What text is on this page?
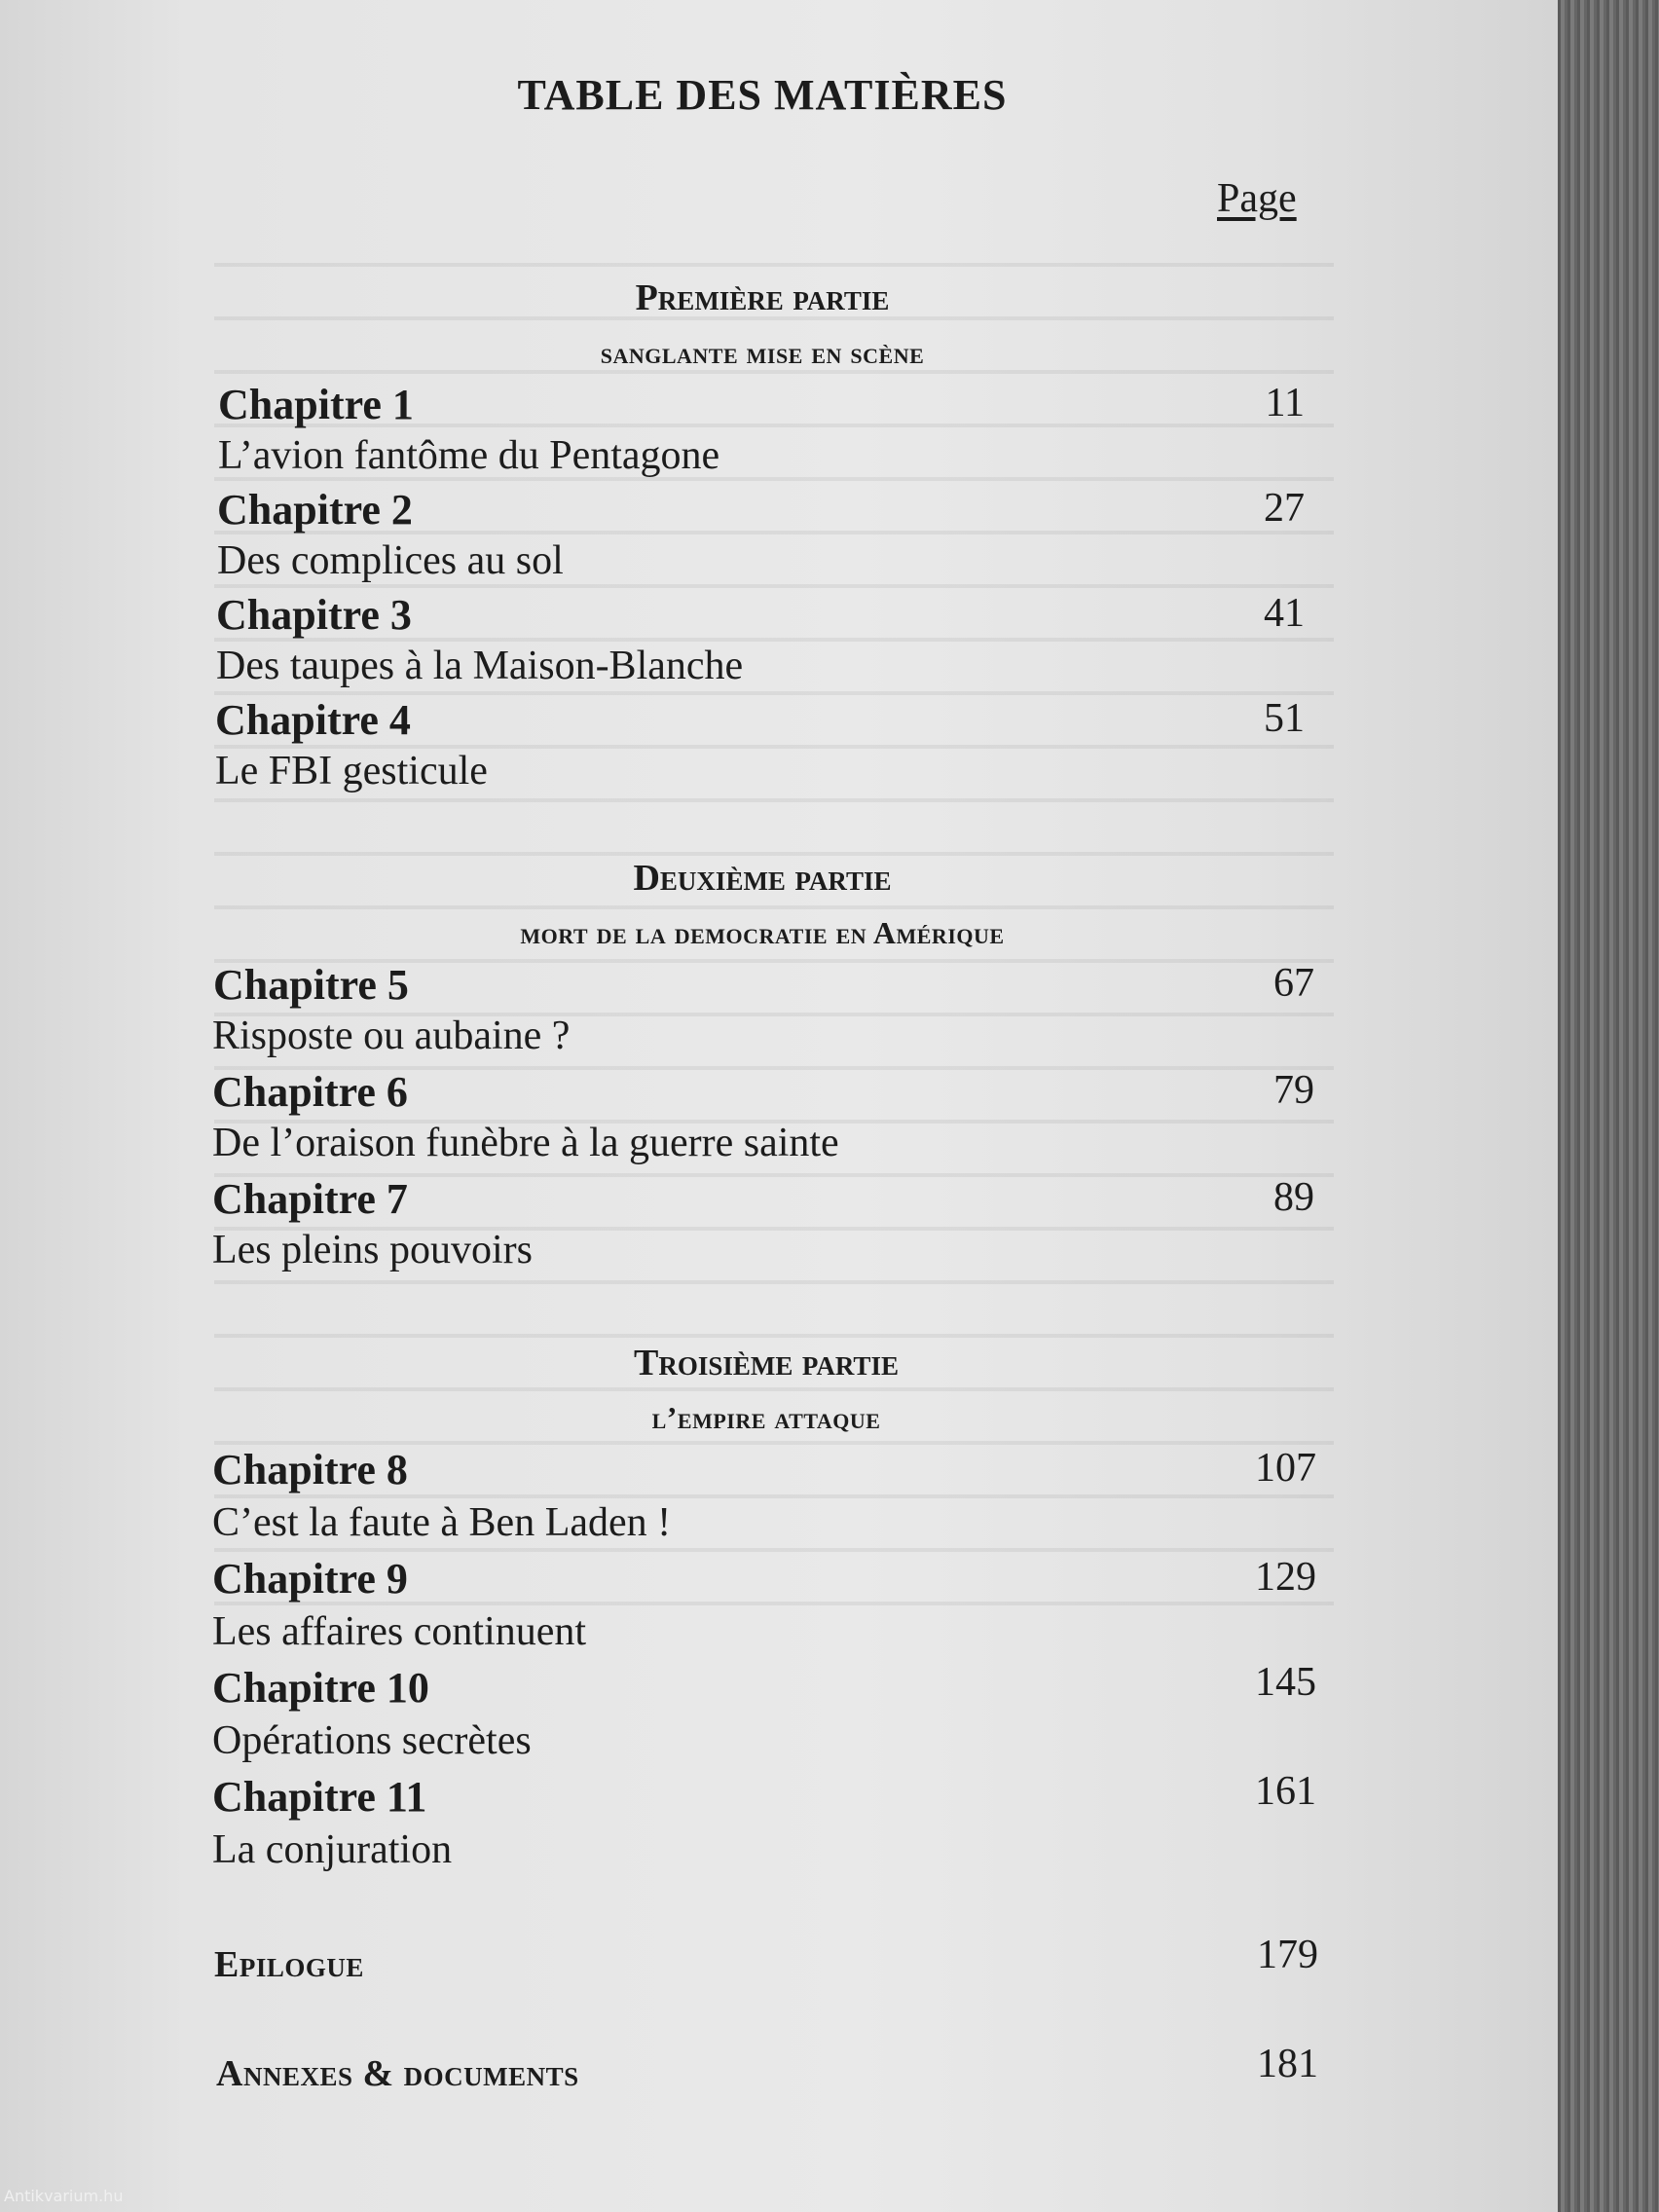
TABLE DES MATIÈRES
Page
Première partie
sanglante mise en scène
Chapitre 1	11
L’avion fantôme du Pentagone
Chapitre 2	27
Des complices au sol
Chapitre 3	41
Des taupes à la Maison-Blanche
Chapitre 4	51
Le FBI gesticule
Deuxième partie
mort de la democratie en Amérique
Chapitre 5	67
Risposte ou aubaine ?
Chapitre 6	79
De l’oraison funèbre à la guerre sainte
Chapitre 7	89
Les pleins pouvoirs
Troisième partie
l’empire attaque
Chapitre 8	107
C’est la faute à Ben Laden !
Chapitre 9	129
Les affaires continuent
Chapitre 10	145
Opérations secrètes
Chapitre 11	161
La conjuration
Epilogue	179
Annexes & documents	181
Antikvarium.hu
